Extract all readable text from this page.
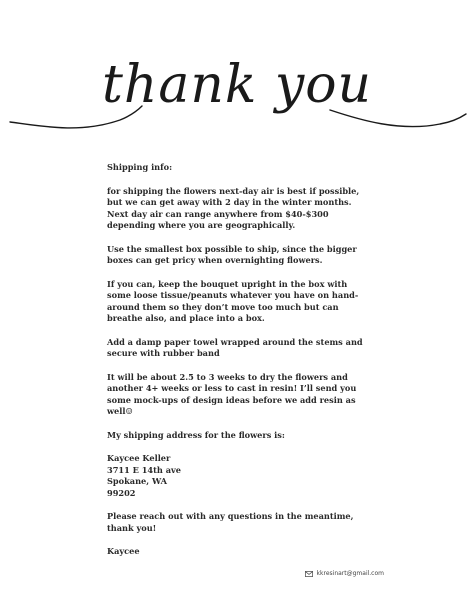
thank you

Shipping info:

for shipping the flowers next-day air is best if possible, but we can get away with 2 day in the winter months. Next day air can range anywhere from $40-$300 depending where you are geographically.

Use the smallest box possible to ship, since the bigger boxes can get pricy when overnighting flowers.

If you can, keep the bouquet upright in the box with some loose tissue/peanuts whatever you have on hand- around them so they don’t move too much but can breathe also, and place into a box.

Add a damp paper towel wrapped around the stems and secure with rubber band

It will be about 2.5 to 3 weeks to dry the flowers and another 4+ weeks or less to cast in resin! I’ll send you some mock-ups of design ideas before we add resin as well☺

My shipping address for the flowers is:

Kaycee Keller
3711 E 14th ave
Spokane, WA
99202

Please reach out with any questions in the meantime, thank you!

Kaycee

kkresinart@gmail.com
